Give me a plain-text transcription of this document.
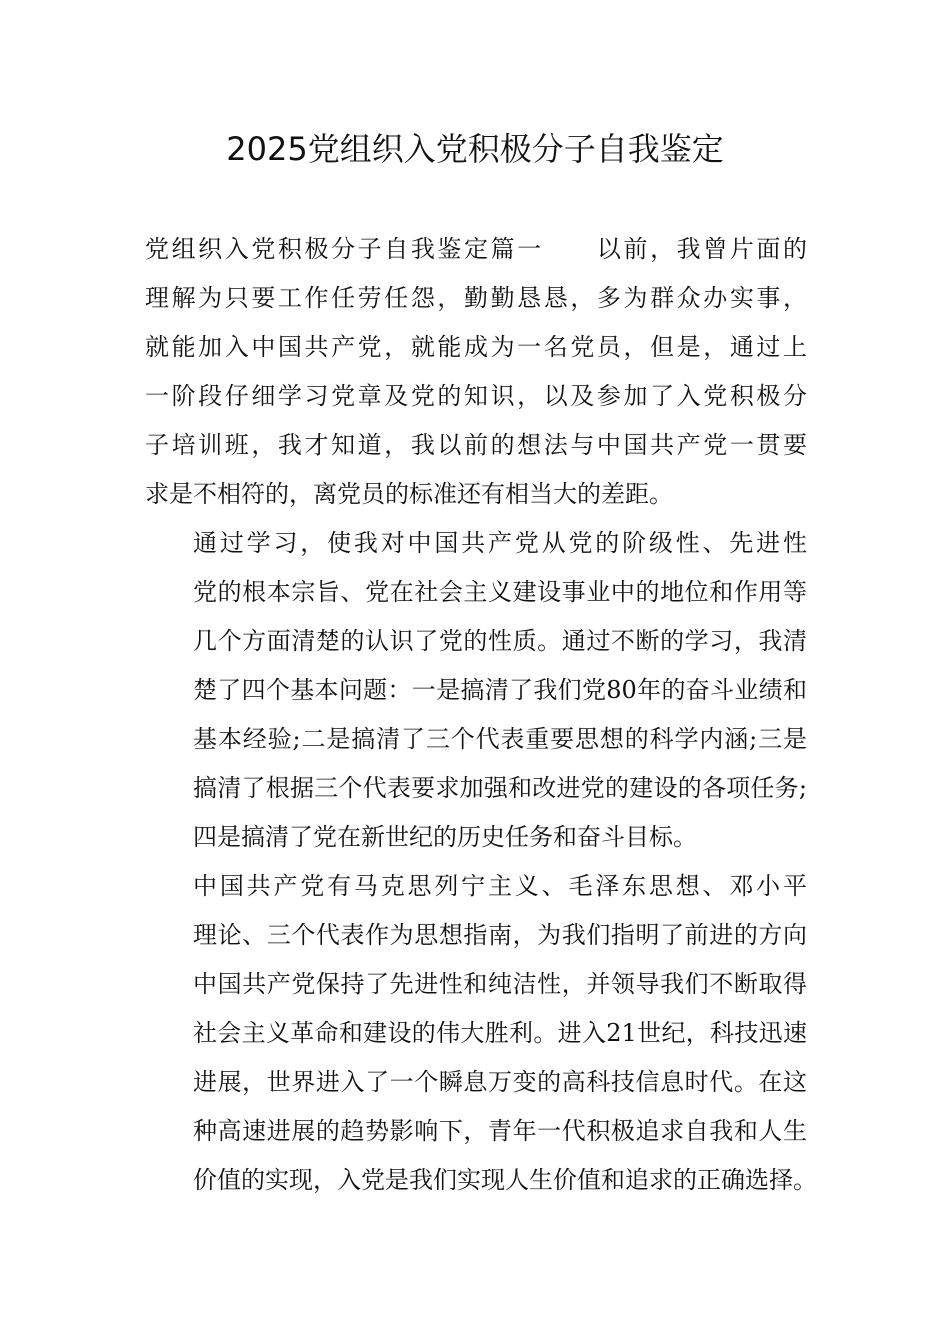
2025党组织入党积极分子自我鉴定

党组织入党积极分子自我鉴定篇一　　以前，我曾片面的
理解为只要工作任劳任怨，勤勤恳恳，多为群众办实事，
就能加入中国共产党，就能成为一名党员，但是，通过上
一阶段仔细学习党章及党的知识，以及参加了入党积极分
子培训班，我才知道，我以前的想法与中国共产党一贯要
求是不相符的，离党员的标准还有相当大的差距。

通过学习，使我对中国共产党从党的阶级性、先进性
党的根本宗旨、党在社会主义建设事业中的地位和作用等
几个方面清楚的认识了党的性质。通过不断的学习，我清
楚了四个基本问题：一是搞清了我们党80年的奋斗业绩和
基本经验;二是搞清了三个代表重要思想的科学内涵;三是
搞清了根据三个代表要求加强和改进党的建设的各项任务;
四是搞清了党在新世纪的历史任务和奋斗目标。

中国共产党有马克思列宁主义、毛泽东思想、邓小平
理论、三个代表作为思想指南，为我们指明了前进的方向
中国共产党保持了先进性和纯洁性，并领导我们不断取得
社会主义革命和建设的伟大胜利。进入21世纪，科技迅速
进展，世界进入了一个瞬息万变的高科技信息时代。在这
种高速进展的趋势影响下，青年一代积极追求自我和人生
价值的实现，入党是我们实现人生价值和追求的正确选择。
